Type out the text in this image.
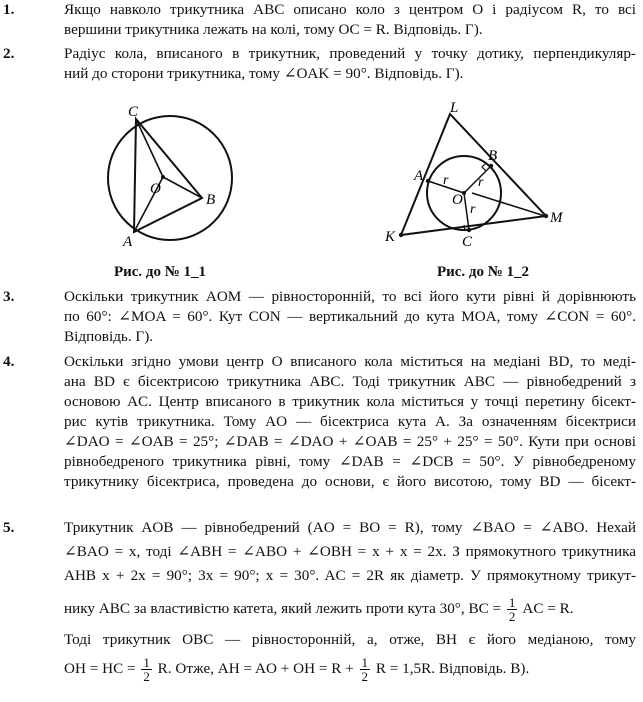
1.	Якщо навколо трикутника ABC описано коло з центром O і радіусом R, то всі
вершини трикутника лежать на колі, тому OC = R. Відповідь. Г).
2.	Радіус кола, вписаного в трикутник, проведений у точку дотику, перпендикуляр-
ний до сторони трикутника, тому ∠OAK = 90°. Відповідь. Г).
C
O
B
A
Рис. до № 1_1
L
A
B
r r
r
O
K	C
M
Рис. до № 1_2
3.	Оскільки трикутник AOM — рівносторонній, то всі його кути рівні й дорівнюють
по 60°: ∠MOA = 60°. Кут CON — вертикальний до кута MOA, тому ∠CON = 60°.
Відповідь. Г).
4.	Оскільки згідно умови центр O вписаного кола міститься на медіані BD, то меді-
ана BD є бісектрисою трикутника ABC. Тоді трикутник ABC — рівнобедрений з
основою AC. Центр вписаного в трикутник кола міститься у точці перетину бісект-
рис кутів трикутника. Тому AO — бісектриса кута A. За означенням бісектриси
∠DAO = ∠OAB = 25°; ∠DAB = ∠DAO + ∠OAB = 25° + 25° = 50°. Кути при основі
рівнобедреного трикутника рівні, тому ∠DAB = ∠DCB = 50°. У рівнобедреному
трикутнику бісектриса, проведена до основи, є його висотою, тому BD — бісект-
5.	Трикутник AOB — рівнобедрений (AO = BO = R), тому ∠BAO = ∠ABO. Нехай
∠BAO = x, тоді ∠ABH = ∠ABO + ∠OBH = x + x = 2x. З прямокутного трикутника
AHB x + 2x = 90°; 3x = 90°; x = 30°. AC = 2R як діаметр. У прямокутному трикут-
нику ABC за властивістю катета, який лежить проти кута 30°, BC = $\frac{1}{2}$ AC = R.
Тоді трикутник OBC — рівносторонній, а, отже, BH є його медіаною, тому
OH = HC = $\frac{1}{2} R$. Отже, AH = AO + OH = $R + \frac{1}{2}$ R = 1,5R. Відповідь. В).
